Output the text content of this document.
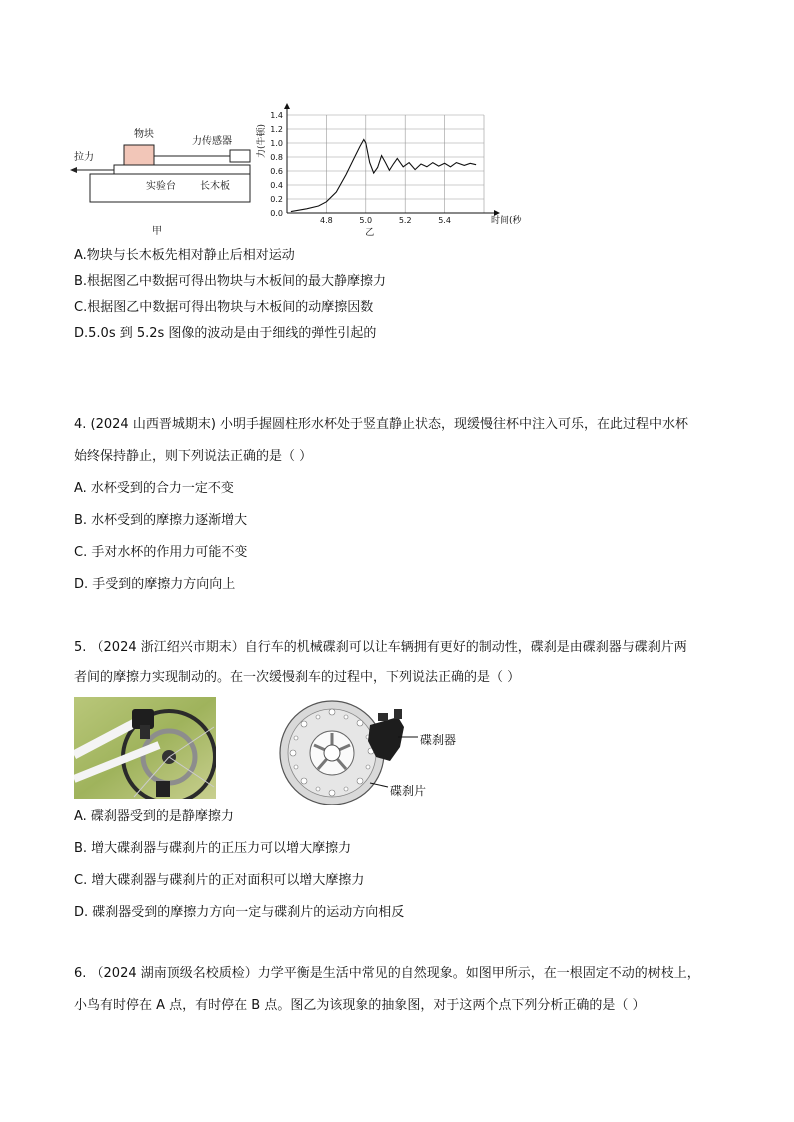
物块
力传感器
拉力
实验台 长木板
甲
0.0
0.2
0.4
0.6
0.8
1.0
1.2
1.4
4.8	5.0	5.2	5.4
力(牛顿)
时间(秒)
乙
A.物块与长木板先相对静止后相对运动
B.根据图乙中数据可得出物块与木板间的最大静摩擦力
C.根据图乙中数据可得出物块与木板间的动摩擦因数
D.5.0s 到 5.2s 图像的波动是由于细线的弹性引起的
4. (2024 山西晋城期末) 小明手握圆柱形水杯处于竖直静止状态，现缓慢往杯中注入可乐，在此过程中水杯
始终保持静止，则下列说法正确的是（ ）
A. 水杯受到的合力一定不变
B. 水杯受到的摩擦力逐渐增大
C. 手对水杯的作用力可能不变
D. 手受到的摩擦力方向向上
5. （2024 浙江绍兴市期末）自行车的机械碟刹可以让车辆拥有更好的制动性，碟刹是由碟刹器与碟刹片两
者间的摩擦力实现制动的。在一次缓慢刹车的过程中，下列说法正确的是（ ）
碟刹器
碟刹片
A. 碟刹器受到的是静摩擦力
B. 增大碟刹器与碟刹片的正压力可以增大摩擦力
C. 增大碟刹器与碟刹片的正对面积可以增大摩擦力
D. 碟刹器受到的摩擦力方向一定与碟刹片的运动方向相反
6. （2024 湖南顶级名校质检）力学平衡是生活中常见的自然现象。如图甲所示，在一根固定不动的树枝上，
小鸟有时停在 A 点，有时停在 B 点。图乙为该现象的抽象图，对于这两个点下列分析正确的是（ ）
